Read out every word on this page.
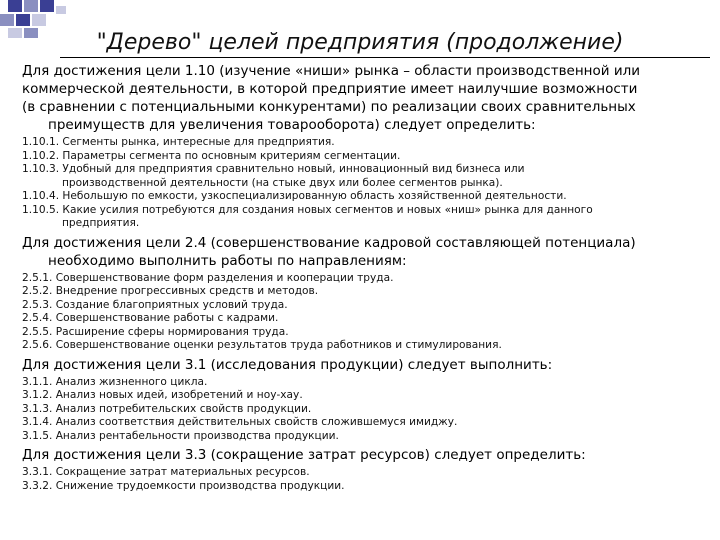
"Дерево" целей предприятия (продолжение)
Для достижения цели 1.10 (изучение «ниши» рынка – области производственной или
коммерческой деятельности, в которой предприятие имеет наилучшие возможности
(в сравнении с потенциальными конкурентами) по реализации своих сравнительных
преимуществ для увеличения товарооборота) следует определить:
1.10.1. Сегменты рынка, интересные для предприятия.
1.10.2. Параметры сегмента по основным критериям сегментации.
1.10.3. Удобный для предприятия сравнительно новый, инновационный вид бизнеса или
производственной деятельности (на стыке двух или более сегментов рынка).
1.10.4. Небольшую по емкости, узкоспециализированную область хозяйственной деятельности.
1.10.5. Какие усилия потребуются для создания новых сегментов и новых «ниш» рынка для данного
предприятия.
Для достижения цели 2.4 (совершенствование кадровой составляющей потенциала)
необходимо выполнить работы по направлениям:
2.5.1. Совершенствование форм разделения и кооперации труда.
2.5.2. Внедрение прогрессивных средств и методов.
2.5.3. Создание благоприятных условий труда.
2.5.4. Совершенствование работы с кадрами.
2.5.5. Расширение сферы нормирования труда.
2.5.6. Совершенствование оценки результатов труда работников и стимулирования.
Для достижения цели 3.1 (исследования продукции) следует выполнить:
3.1.1. Анализ жизненного цикла.
3.1.2. Анализ новых идей, изобретений и ноу-хау.
3.1.3. Анализ потребительских свойств продукции.
3.1.4. Анализ соответствия действительных свойств сложившемуся имиджу.
3.1.5. Анализ рентабельности производства продукции.
Для достижения цели 3.3 (сокращение затрат ресурсов) следует определить:
3.3.1. Сокращение затрат материальных ресурсов.
3.3.2. Снижение трудоемкости производства продукции.
